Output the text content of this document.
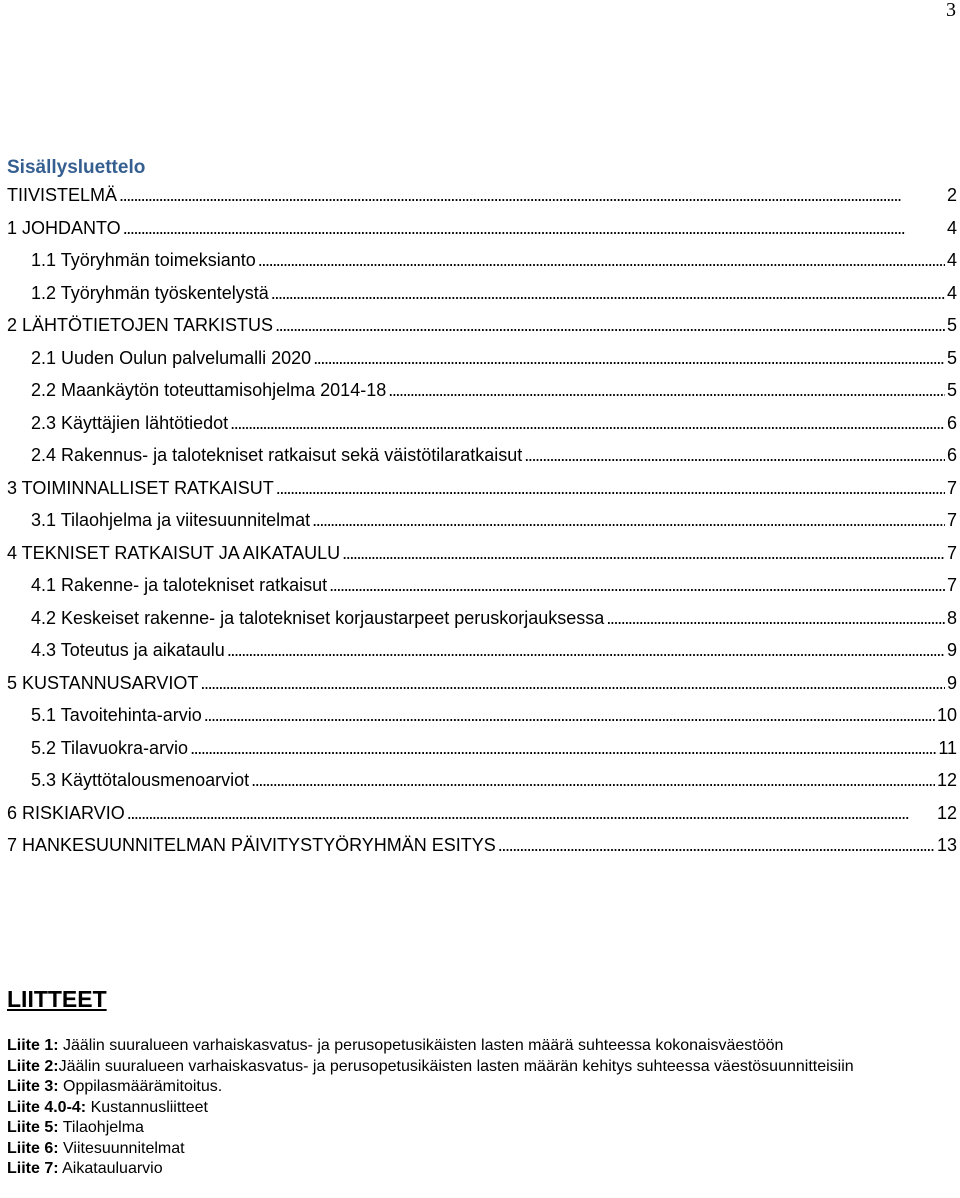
3
Sisällysluettelo
TIIVISTELMÄ . . .	2
1 JOHDANTO . . .	4
1.1 Työryhmän toimeksianto . . .	4
1.2 Työryhmän työskentelystä . . .	4
2 LÄHTÖTIETOJEN TARKISTUS . . .	5
2.1 Uuden Oulun palvelumalli 2020 . . .	5
2.2 Maankäytön toteuttamisohjelma 2014-18 . . .	5
2.3 Käyttäjien lähtötiedot . . .	6
2.4 Rakennus- ja talotekniset ratkaisut sekä väistötilaratkaisut . . .	6
3 TOIMINNALLISET RATKAISUT . . .	7
3.1 Tilaohjelma ja viitesuunnitelmat . . .	7
4 TEKNISET RATKAISUT JA AIKATAULU . . .	7
4.1 Rakenne- ja talotekniset ratkaisut . . .	7
4.2 Keskeiset rakenne- ja talotekniset korjaustarpeet peruskorjauksessa . . .	8
4.3 Toteutus ja aikataulu . . .	9
5 KUSTANNUSARVIOT . . .	9
5.1 Tavoitehinta-arvio . . .	10
5.2 Tilavuokra-arvio . . .	11
5.3 Käyttötalousmenoarviot . . .	12
6 RISKIARVIO . . .	12
7 HANKESUUNNITELMAN PÄIVITYSTYÖRYHMÄN ESITYS . . .	13
LIITTEET
Liite 1: Jäälin suuralueen varhaiskasvatus- ja perusopetusikäisten lasten määrä suhteessa kokonaisväestöön
Liite 2:Jäälin suuralueen varhaiskasvatus- ja perusopetusikäisten lasten määrän kehitys suhteessa väestösuunnitteisiin
Liite 3: Oppilasmäärämitoitus.
Liite 4.0-4: Kustannusliitteet
Liite 5: Tilaohjelma
Liite 6: Viitesuunnitelmat
Liite 7: Aikatauluarvio
